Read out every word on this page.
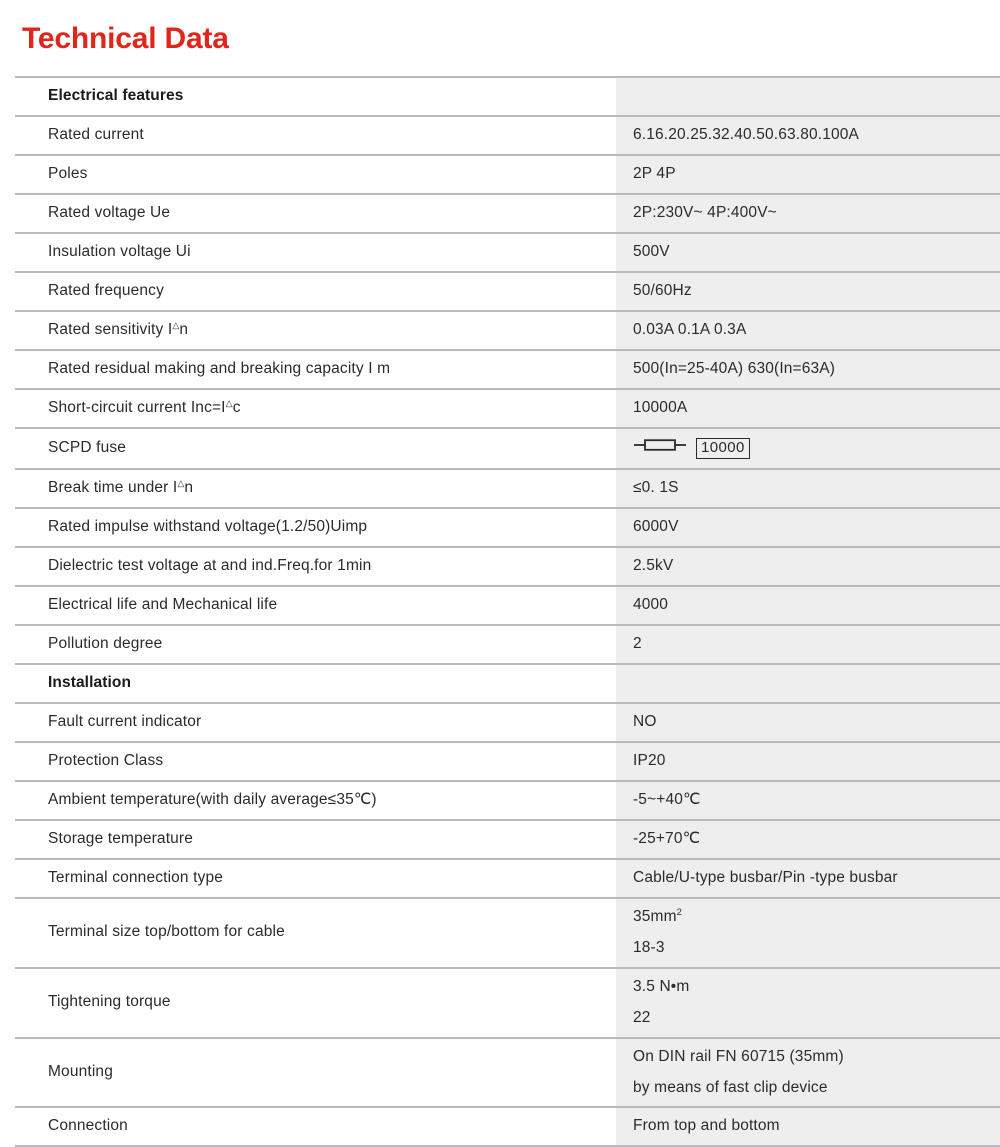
Technical Data
Electrical features	
Rated current	6.16.20.25.32.40.50.63.80.100A
Poles	2P 4P
Rated voltage Ue	2P:230V~ 4P:400V~
Insulation voltage Ui	500V
Rated frequency	50/60Hz
Rated sensitivity I△n	0.03A 0.1A 0.3A
Rated residual making and breaking capacity I m	500(In=25-40A) 630(In=63A)
Short-circuit current Inc=I△c	10000A
SCPD fuse	10000

Break time under I△n	≤0. 1S
Rated impulse withstand voltage(1.2/50)Uimp	6000V
Dielectric test voltage at and ind.Freq.for 1min	2.5kV
Electrical life and Mechanical life	4000
Pollution degree	2
Installation	
Fault current indicator	NO
Protection Class	IP20
Ambient temperature(with daily average≤35℃)	-5~+40℃
Storage temperature	-25+70℃
Terminal connection type	Cable/U-type busbar/Pin -type busbar
Terminal size top/bottom for cable	$35mm^2$
18-3

Tightening torque	3.5 N•m
22

Mounting	On DIN rail FN 60715 (35mm)
by means of fast clip device

Connection	From top and bottom
